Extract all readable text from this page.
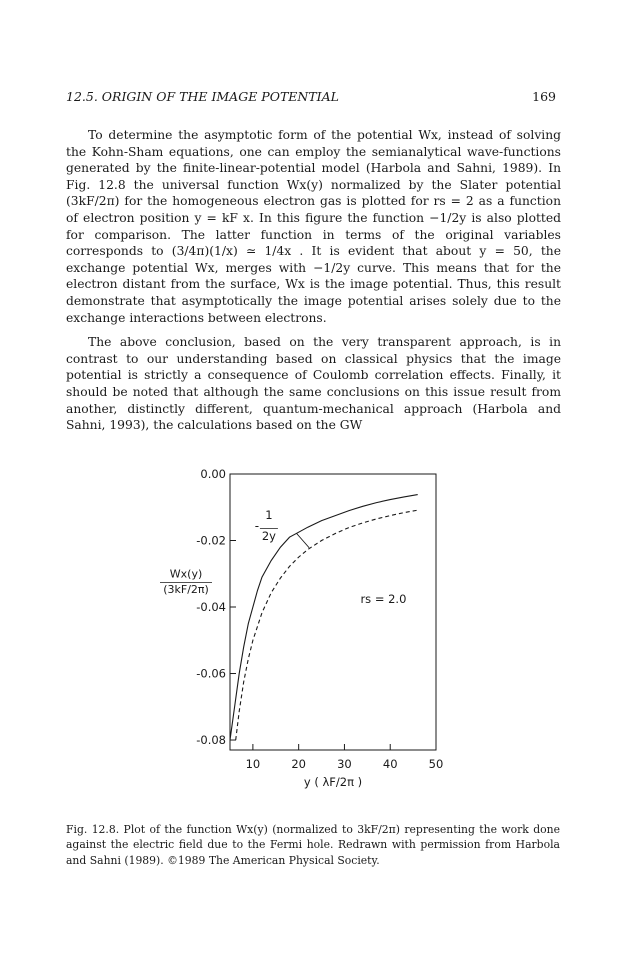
12.5. ORIGIN OF THE IMAGE POTENTIAL	169

To determine the asymptotic form of the potential Wx, instead of solving the Kohn-Sham equations, one can employ the semianalytical wave-functions generated by the finite-linear-potential model (Harbola and Sahni, 1989). In Fig. 12.8 the universal function Wx(y) normalized by the Slater potential (3kF/2π) for the homogeneous electron gas is plotted for rs = 2 as a function of electron position y = kF x. In this figure the function −1/2y is also plotted for comparison. The latter function in terms of the original variables corresponds to (3/4π)(1/x) ≃ 1/4x . It is evident that about y = 50, the exchange potential Wx, merges with −1/2y curve. This means that for the electron distant from the surface, Wx is the image potential. Thus, this result demonstrate that asymptotically the image potential arises solely due to the exchange interactions between electrons.

The above conclusion, based on the very transparent approach, is in contrast to our understanding based on classical physics that the image potential is strictly a consequence of Coulomb correlation effects. Finally, it should be noted that although the same conclusions on this issue result from another, distinctly different, quantum-mechanical approach (Harbola and Sahni, 1993), the calculations based on the GW

0.00
-0.02
-0.04
-0.06
-0.08
10	20	30	40	50
y ( λF/2π )
Wx(y)
(3kF/2π)
-
1
2y
rs = 2.0
Fig. 12.8. Plot of the function Wx(y) (normalized to 3kF/2π) representing the work done against the electric field due to the Fermi hole. Redrawn with permission from Harbola and Sahni (1989). ©1989 The American Physical Society.
